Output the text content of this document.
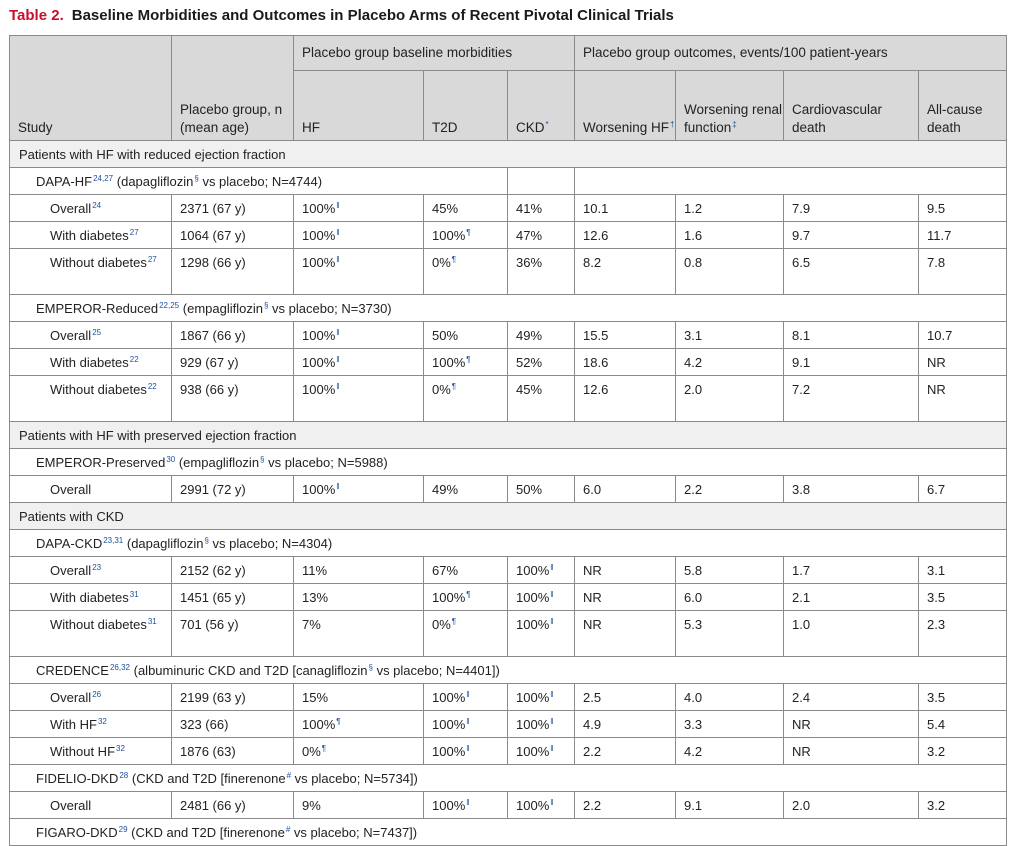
Table 2. Baseline Morbidities and Outcomes in Placebo Arms of Recent Pivotal Clinical Trials
Study	Placebo group, n (mean age)	Placebo group baseline morbidities			Placebo group outcomes, events/100 patient-years			
		HF	T2D	CKD*	Worsening HF†	Worsening renal function‡	Cardiovascular death	All-cause death
Patients with HF with reduced ejection fraction								
DAPA-HF$^{24,27}$ (dapagliflozin§ vs placebo; N=4744)								
Overall$^{24}$	2371 (67 y)	100%‖	45%	41%	10.1	1.2	7.9	9.5
With diabetes$^{27}$	1064 (67 y)	100%‖	100%¶	47%	12.6	1.6	9.7	11.7
Without diabetes$^{27}$	1298 (66 y)	100%‖	0%¶	36%	8.2	0.8	6.5	7.8
EMPEROR-Reduced$^{22,25}$ (empagliflozin§ vs placebo; N=3730)								
Overall$^{25}$	1867 (66 y)	100%‖	50%	49%	15.5	3.1	8.1	10.7
With diabetes$^{22}$	929 (67 y)	100%‖	100%¶	52%	18.6	4.2	9.1	NR
Without diabetes$^{22}$	938 (66 y)	100%‖	0%¶	45%	12.6	2.0	7.2	NR
Patients with HF with preserved ejection fraction								
EMPEROR-Preserved$^{30}$ (empagliflozin§ vs placebo; N=5988)								
Overall	2991 (72 y)	100%‖	49%	50%	6.0	2.2	3.8	6.7
Patients with CKD								
DAPA-CKD$^{23,31}$ (dapagliflozin§ vs placebo; N=4304)								
Overall$^{23}$	2152 (62 y)	11%	67%	100%‖	NR	5.8	1.7	3.1
With diabetes$^{31}$	1451 (65 y)	13%	100%¶	100%‖	NR	6.0	2.1	3.5
Without diabetes$^{31}$	701 (56 y)	7%	0%¶	100%‖	NR	5.3	1.0	2.3
CREDENCE$^{26,32}$ (albuminuric CKD and T2D [canagliflozin§ vs placebo; N=4401])								
Overall$^{26}$	2199 (63 y)	15%	100%‖	100%‖	2.5	4.0	2.4	3.5
With HF$^{32}$	323 (66)	100%¶	100%‖	100%‖	4.9	3.3	NR	5.4
Without HF$^{32}$	1876 (63)	0%¶	100%‖	100%‖	2.2	4.2	NR	3.2
FIDELIO-DKD$^{28}$ (CKD and T2D [finerenone# vs placebo; N=5734])								
Overall	2481 (66 y)	9%	100%‖	100%‖	2.2	9.1	2.0	3.2
FIGARO-DKD$^{29}$ (CKD and T2D [finerenone# vs placebo; N=7437])								
